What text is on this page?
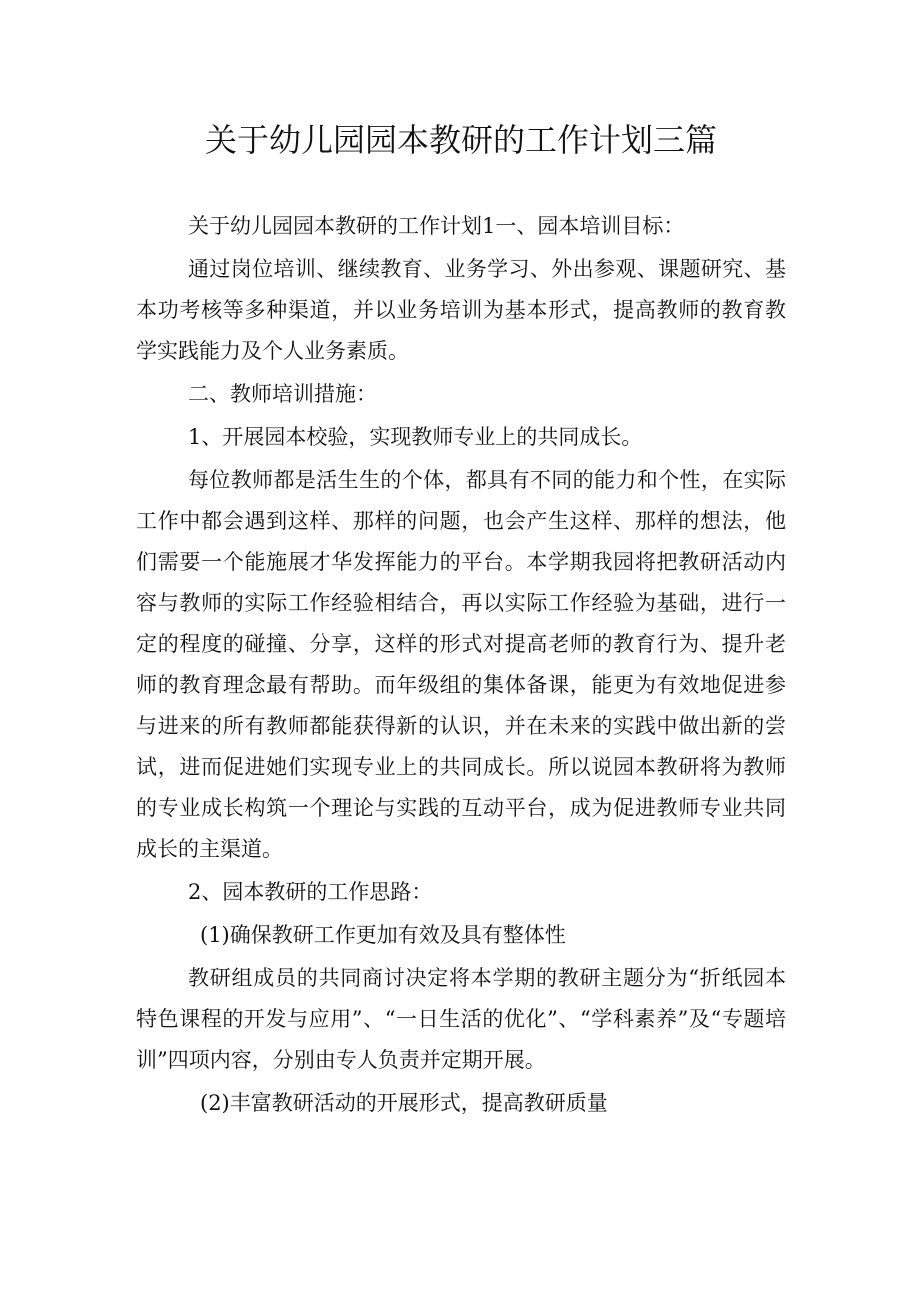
关于幼儿园园本教研的工作计划三篇

关于幼儿园园本教研的工作计划1一、园本培训目标：

通过岗位培训、继续教育、业务学习、外出参观、课题研究、基本功考核等多种渠道，并以业务培训为基本形式，提高教师的教育教学实践能力及个人业务素质。

二、教师培训措施：

1、开展园本校验，实现教师专业上的共同成长。

每位教师都是活生生的个体，都具有不同的能力和个性，在实际工作中都会遇到这样、那样的问题，也会产生这样、那样的想法，他们需要一个能施展才华发挥能力的平台。本学期我园将把教研活动内容与教师的实际工作经验相结合，再以实际工作经验为基础，进行一定的程度的碰撞、分享，这样的形式对提高老师的教育行为、提升老师的教育理念最有帮助。而年级组的集体备课，能更为有效地促进参与进来的所有教师都能获得新的认识，并在未来的实践中做出新的尝试，进而促进她们实现专业上的共同成长。所以说园本教研将为教师的专业成长构筑一个理论与实践的互动平台，成为促进教师专业共同成长的主渠道。

2、园本教研的工作思路：

(1)确保教研工作更加有效及具有整体性

教研组成员的共同商讨决定将本学期的教研主题分为“折纸园本特色课程的开发与应用”、“一日生活的优化”、“学科素养”及“专题培训”四项内容，分别由专人负责并定期开展。

(2)丰富教研活动的开展形式，提高教研质量
